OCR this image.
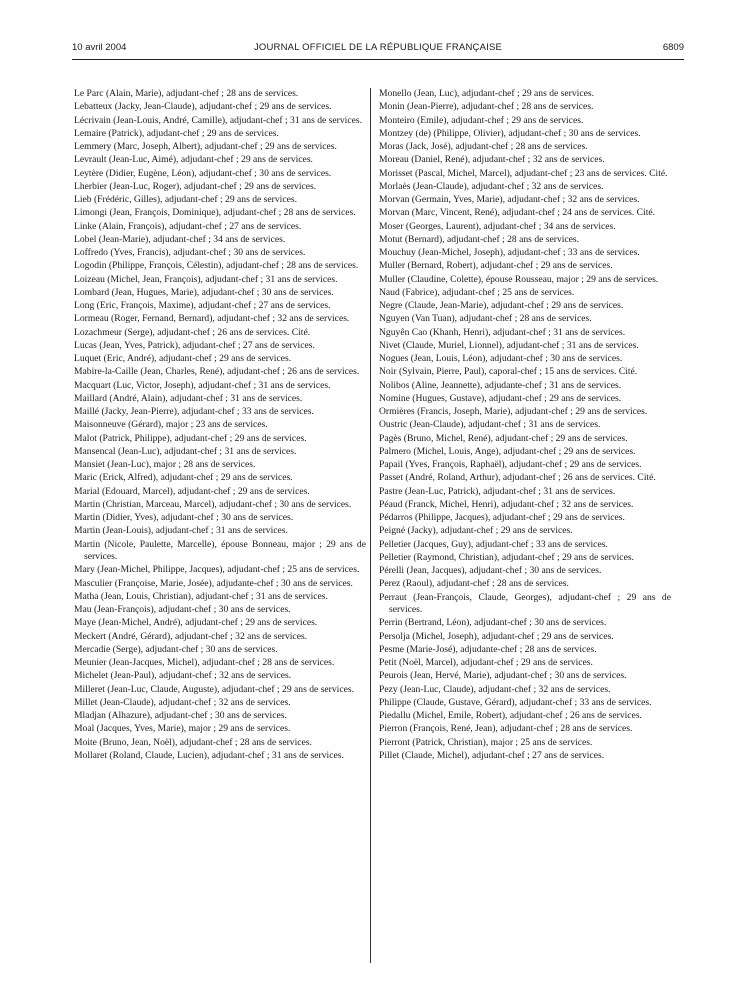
10 avril 2004	JOURNAL OFFICIEL DE LA RÉPUBLIQUE FRANÇAISE	6809
Le Parc (Alain, Marie), adjudant-chef ; 28 ans de services.
Lebatteux (Jacky, Jean-Claude), adjudant-chef ; 29 ans de services.
Lécrivain (Jean-Louis, André, Camille), adjudant-chef ; 31 ans de services.
Lemaire (Patrick), adjudant-chef ; 29 ans de services.
Lemmery (Marc, Joseph, Albert), adjudant-chef ; 29 ans de services.
Levrault (Jean-Luc, Aimé), adjudant-chef ; 29 ans de services.
Leytère (Didier, Eugène, Léon), adjudant-chef ; 30 ans de services.
Lherbier (Jean-Luc, Roger), adjudant-chef ; 29 ans de services.
Lieb (Frédéric, Gilles), adjudant-chef ; 29 ans de services.
Limongi (Jean, François, Dominique), adjudant-chef ; 28 ans de services.
Linke (Alain, François), adjudant-chef ; 27 ans de services.
Lobel (Jean-Marie), adjudant-chef ; 34 ans de services.
Loffredo (Yves, Francis), adjudant-chef ; 30 ans de services.
Logodin (Philippe, François, Célestin), adjudant-chef ; 28 ans de services.
Loizeau (Michel, Jean, François), adjudant-chef ; 31 ans de services.
Lombard (Jean, Hugues, Marie), adjudant-chef ; 30 ans de services.
Long (Eric, François, Maxime), adjudant-chef ; 27 ans de services.
Lormeau (Roger, Fernand, Bernard), adjudant-chef ; 32 ans de services.
Lozachmeur (Serge), adjudant-chef ; 26 ans de services. Cité.
Lucas (Jean, Yves, Patrick), adjudant-chef ; 27 ans de services.
Luquet (Eric, André), adjudant-chef ; 29 ans de services.
Mabire-la-Caille (Jean, Charles, René), adjudant-chef ; 26 ans de services.
Macquart (Luc, Victor, Joseph), adjudant-chef ; 31 ans de services.
Maillard (André, Alain), adjudant-chef ; 31 ans de services.
Maillé (Jacky, Jean-Pierre), adjudant-chef ; 33 ans de services.
Maisonneuve (Gérard), major ; 23 ans de services.
Malot (Patrick, Philippe), adjudant-chef ; 29 ans de services.
Mansencal (Jean-Luc), adjudant-chef ; 31 ans de services.
Mansiet (Jean-Luc), major ; 28 ans de services.
Maric (Erick, Alfred), adjudant-chef ; 29 ans de services.
Marial (Edouard, Marcel), adjudant-chef ; 29 ans de services.
Martin (Christian, Marceau, Marcel), adjudant-chef ; 30 ans de services.
Martin (Didier, Yves), adjudant-chef ; 30 ans de services.
Martin (Jean-Louis), adjudant-chef ; 31 ans de services.
Martin (Nicole, Paulette, Marcelle), épouse Bonneau, major ; 29 ans de services.
Mary (Jean-Michel, Philippe, Jacques), adjudant-chef ; 25 ans de services.
Masculier (Françoise, Marie, Josée), adjudante-chef ; 30 ans de services.
Matha (Jean, Louis, Christian), adjudant-chef ; 31 ans de services.
Mau (Jean-François), adjudant-chef ; 30 ans de services.
Maye (Jean-Michel, André), adjudant-chef ; 29 ans de services.
Meckert (André, Gérard), adjudant-chef ; 32 ans de services.
Mercadie (Serge), adjudant-chef ; 30 ans de services.
Meunier (Jean-Jacques, Michel), adjudant-chef ; 28 ans de services.
Michelet (Jean-Paul), adjudant-chef ; 32 ans de services.
Milleret (Jean-Luc, Claude, Auguste), adjudant-chef ; 29 ans de services.
Millet (Jean-Claude), adjudant-chef ; 32 ans de services.
Mladjan (Alhazure), adjudant-chef ; 30 ans de services.
Moal (Jacques, Yves, Marie), major ; 29 ans de services.
Moite (Bruno, Jean, Noël), adjudant-chef ; 28 ans de services.
Mollaret (Roland, Claude, Lucien), adjudant-chef ; 31 ans de services.
Monello (Jean, Luc), adjudant-chef ; 29 ans de services.
Monin (Jean-Pierre), adjudant-chef ; 28 ans de services.
Monteiro (Emile), adjudant-chef ; 29 ans de services.
Montzey (de) (Philippe, Olivier), adjudant-chef ; 30 ans de services.
Moras (Jack, José), adjudant-chef ; 28 ans de services.
Moreau (Daniel, René), adjudant-chef ; 32 ans de services.
Morisset (Pascal, Michel, Marcel), adjudant-chef ; 23 ans de services. Cité.
Morlaès (Jean-Claude), adjudant-chef ; 32 ans de services.
Morvan (Germain, Yves, Marie), adjudant-chef ; 32 ans de services.
Morvan (Marc, Vincent, René), adjudant-chef ; 24 ans de services. Cité.
Moser (Georges, Laurent), adjudant-chef ; 34 ans de services.
Motut (Bernard), adjudant-chef ; 28 ans de services.
Mouchuy (Jean-Michel, Joseph), adjudant-chef ; 33 ans de services.
Muller (Bernard, Robert), adjudant-chef ; 29 ans de services.
Muller (Claudine, Colette), épouse Rousseau, major ; 29 ans de services.
Naud (Fabrice), adjudant-chef ; 25 ans de services.
Negre (Claude, Jean-Marie), adjudant-chef ; 29 ans de services.
Nguyen (Van Tuan), adjudant-chef ; 28 ans de services.
Nguyên Cao (Khanh, Henri), adjudant-chef ; 31 ans de services.
Nivet (Claude, Muriel, Lionnel), adjudant-chef ; 31 ans de services.
Nogues (Jean, Louis, Léon), adjudant-chef ; 30 ans de services.
Noir (Sylvain, Pierre, Paul), caporal-chef ; 15 ans de services. Cité.
Nolibos (Aline, Jeannette), adjudante-chef ; 31 ans de services.
Nomine (Hugues, Gustave), adjudant-chef ; 29 ans de services.
Ormières (Francis, Joseph, Marie), adjudant-chef ; 29 ans de services.
Oustric (Jean-Claude), adjudant-chef ; 31 ans de services.
Pagès (Bruno, Michel, René), adjudant-chef ; 29 ans de services.
Palmero (Michel, Louis, Ange), adjudant-chef ; 29 ans de services.
Papail (Yves, François, Raphaël), adjudant-chef ; 29 ans de services.
Passet (André, Roland, Arthur), adjudant-chef ; 26 ans de services. Cité.
Pastre (Jean-Luc, Patrick), adjudant-chef ; 31 ans de services.
Péaud (Franck, Michel, Henri), adjudant-chef ; 32 ans de services.
Pédarros (Philippe, Jacques), adjudant-chef ; 29 ans de services.
Peigné (Jacky), adjudant-chef ; 29 ans de services.
Pelletier (Jacques, Guy), adjudant-chef ; 33 ans de services.
Pelletier (Raymond, Christian), adjudant-chef ; 29 ans de services.
Pérelli (Jean, Jacques), adjudant-chef ; 30 ans de services.
Perez (Raoul), adjudant-chef ; 28 ans de services.
Perraut (Jean-François, Claude, Georges), adjudant-chef ; 29 ans de services.
Perrin (Bertrand, Léon), adjudant-chef ; 30 ans de services.
Persolja (Michel, Joseph), adjudant-chef ; 29 ans de services.
Pesme (Marie-José), adjudante-chef ; 28 ans de services.
Petit (Noël, Marcel), adjudant-chef ; 29 ans de services.
Peurois (Jean, Hervé, Marie), adjudant-chef ; 30 ans de services.
Pezy (Jean-Luc, Claude), adjudant-chef ; 32 ans de services.
Philippe (Claude, Gustave, Gérard), adjudant-chef ; 33 ans de services.
Piedallu (Michel, Emile, Robert), adjudant-chef ; 26 ans de services.
Pierron (François, René, Jean), adjudant-chef ; 28 ans de services.
Pierront (Patrick, Christian), major ; 25 ans de services.
Pillet (Claude, Michel), adjudant-chef ; 27 ans de services.
